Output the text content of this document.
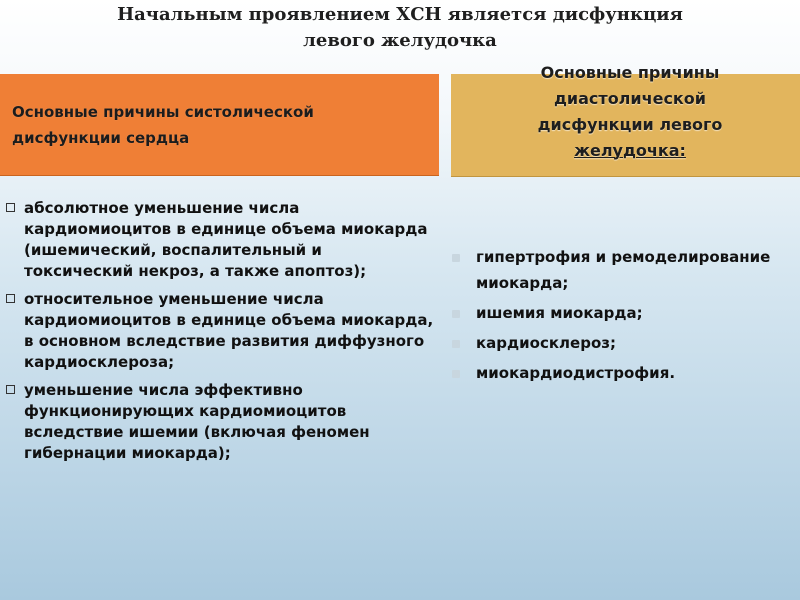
Начальным проявлением ХСН является дисфункция
левого желудочка
Основные причины систолической
дисфункции сердца
Основные причины
диастолической
дисфункции левого
желудочка:
абсолютное уменьшение числа кардиомиоцитов в единице объема миокарда (ишемический, воспалительный и токсический некроз, а также апоптоз);
относительное уменьшение числа кардиомиоцитов в единице объема миокарда, в основном вследствие развития диффузного кардиосклероза;
уменьшение числа эффективно функционирующих кардиомиоцитов вследствие ишемии (включая феномен гибернации миокарда);
гипертрофия и ремоделирование миокарда;
ишемия миокарда;
кардиосклероз;
миокардиодистрофия.
